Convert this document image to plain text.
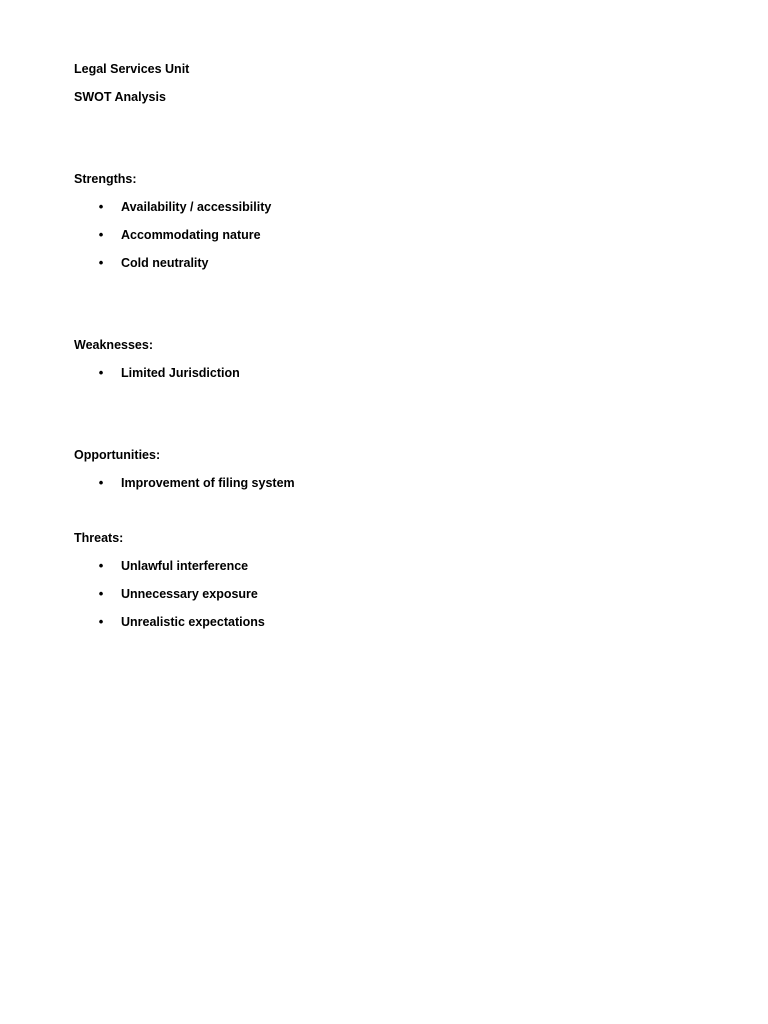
Legal Services Unit
SWOT Analysis
Strengths:
• Availability / accessibility
• Accommodating nature
• Cold neutrality
Weaknesses:
• Limited Jurisdiction
Opportunities:
• Improvement of filing system
Threats:
• Unlawful interference
• Unnecessary exposure
• Unrealistic expectations
